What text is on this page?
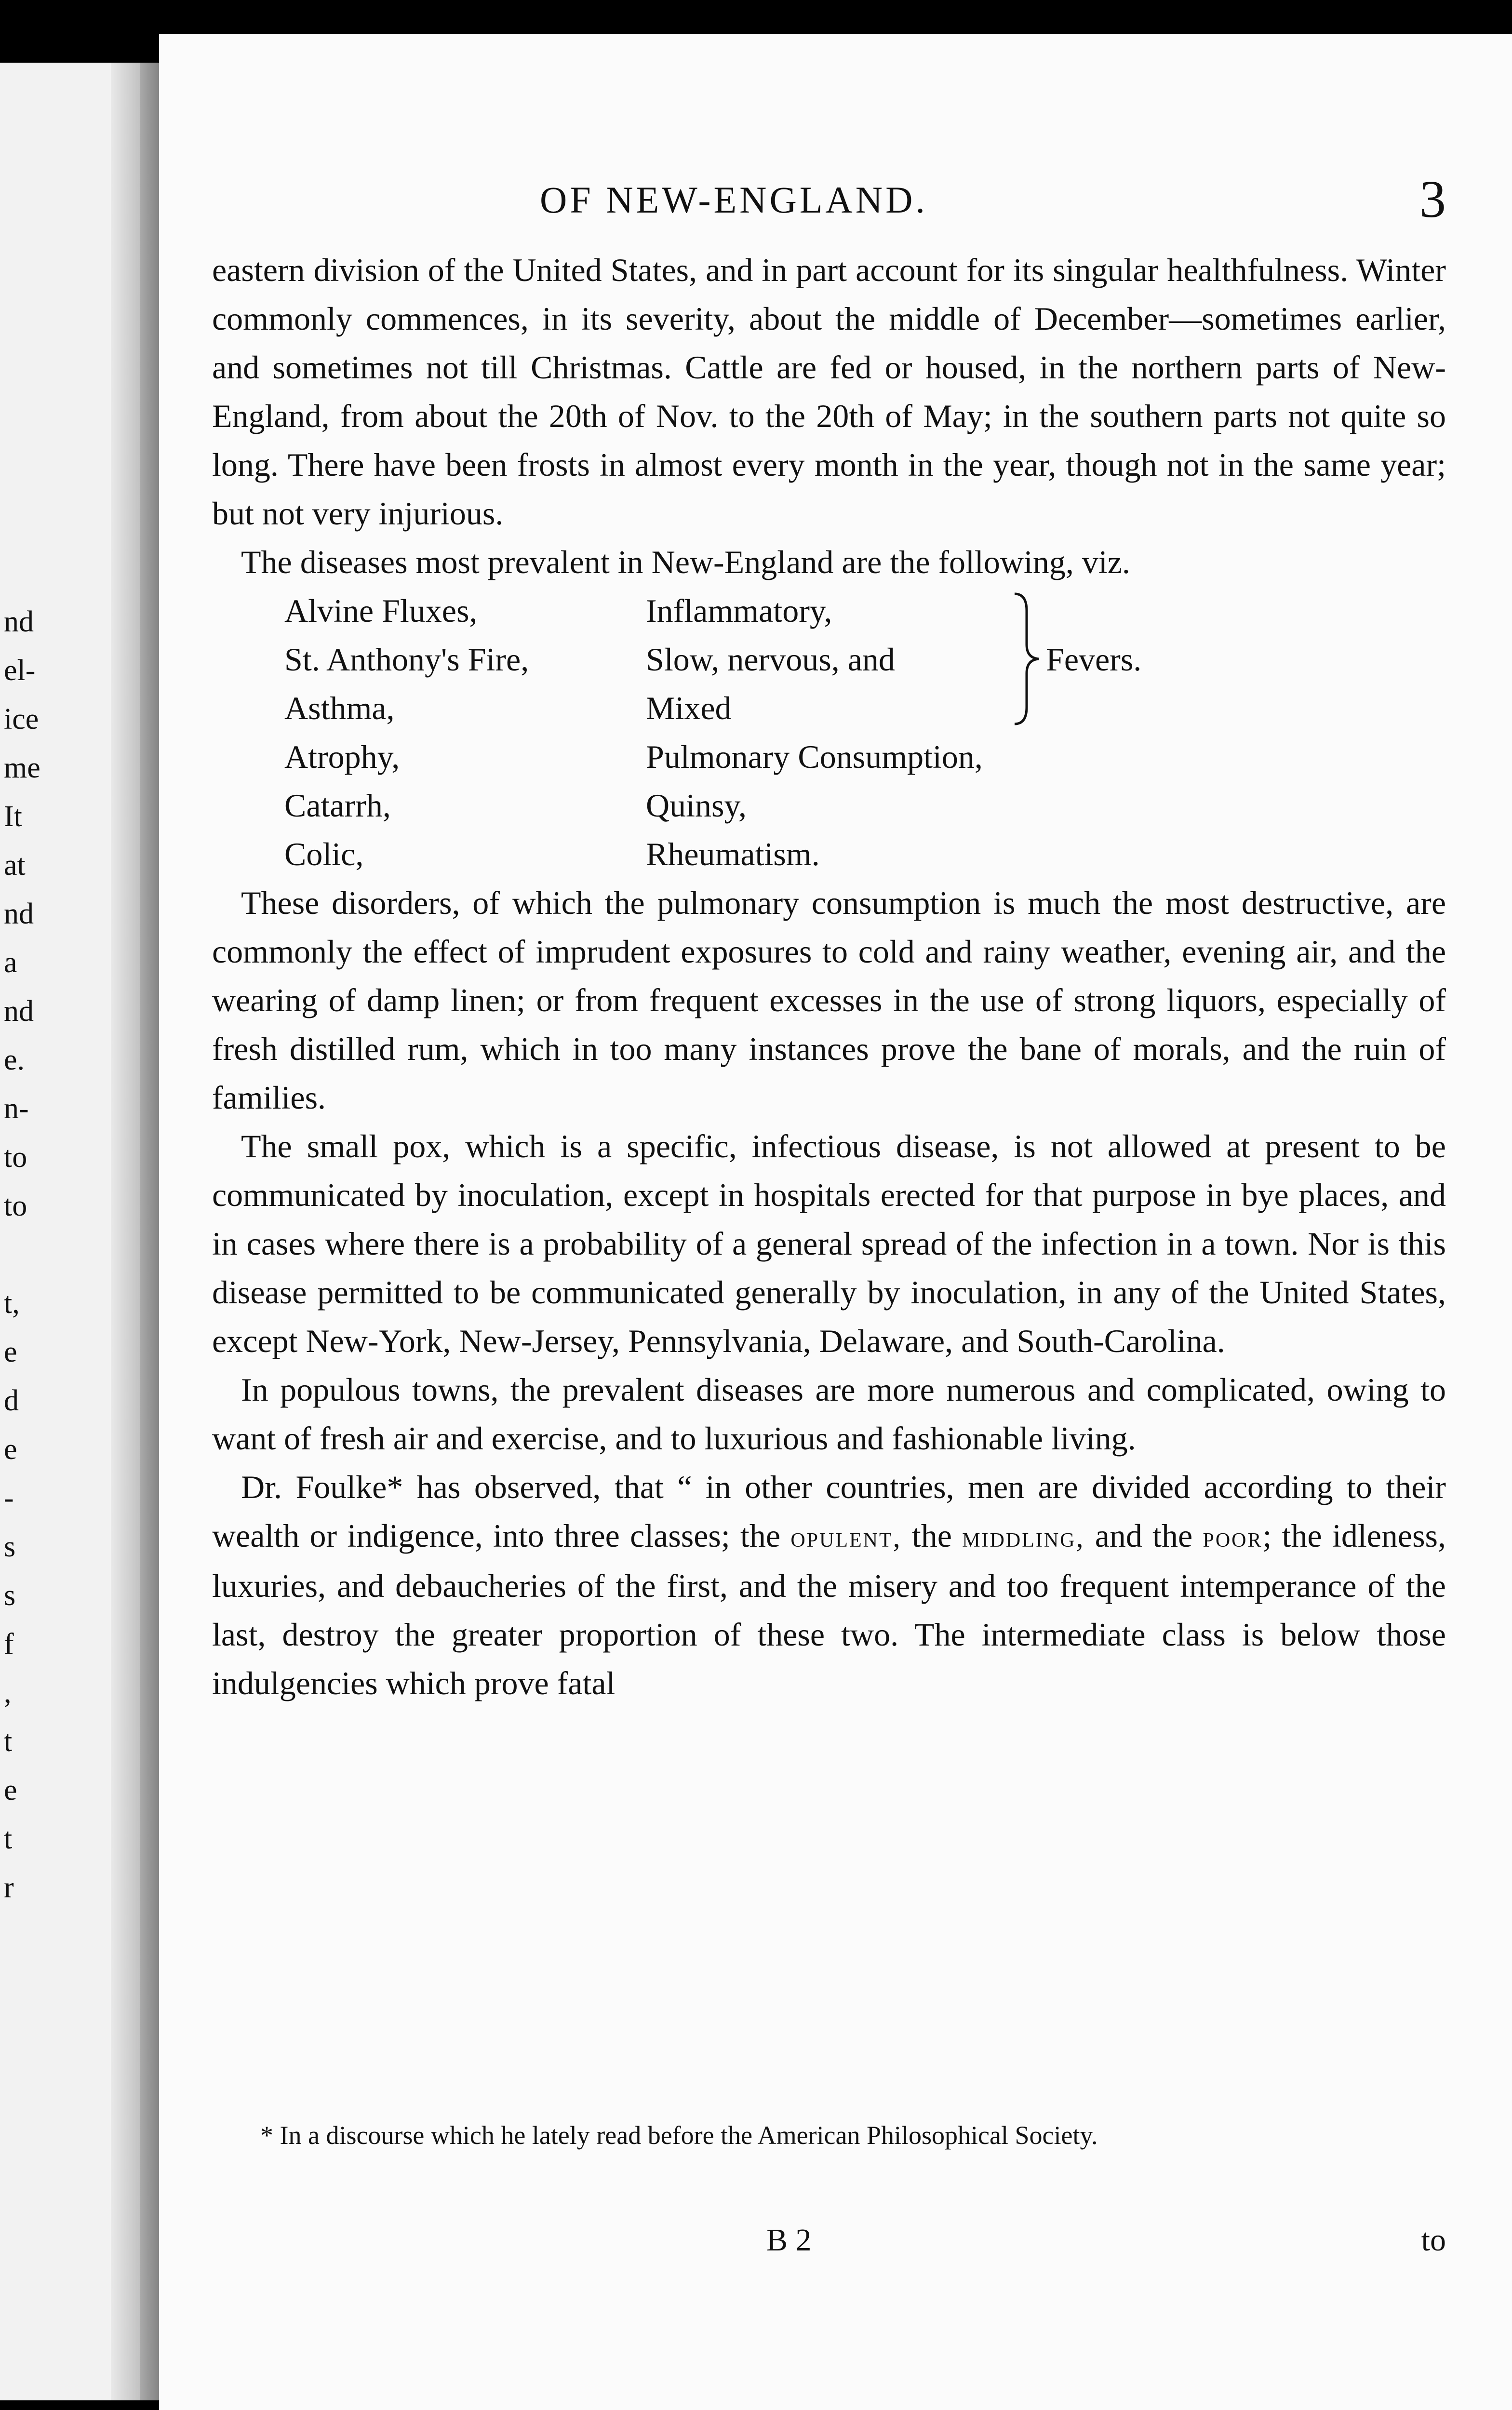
nd
el-
ice
me
It
at
nd
a
nd
e.
n-
to
to
t,
e
d
e
-
s
s
f
,
t
e
t
r
OF NEW-ENGLAND.	3

eastern division of the United States, and in part account for its singular healthfulness. Winter commonly commences, in its severity, about the middle of December—sometimes earlier, and sometimes not till Christmas. Cattle are fed or housed, in the northern parts of New-England, from about the 20th of Nov. to the 20th of May; in the southern parts not quite so long. There have been frosts in almost every month in the year, though not in the same year; but not very injurious.

The diseases most prevalent in New-England are the following, viz.

Alvine Fluxes,
St. Anthony's Fire,
Asthma,
Atrophy,
Catarrh,
Colic,
Inflammatory,
Slow, nervous, and
Mixed
Pulmonary Consumption,
Quinsy,
Rheumatism.
Fevers.

These disorders, of which the pulmonary consumption is much the most destructive, are commonly the effect of imprudent exposures to cold and rainy weather, evening air, and the wearing of damp linen; or from frequent excesses in the use of strong liquors, especially of fresh distilled rum, which in too many instances prove the bane of morals, and the ruin of families.

The small pox, which is a specific, infectious disease, is not allowed at present to be communicated by inoculation, except in hospitals erected for that purpose in bye places, and in cases where there is a probability of a general spread of the infection in a town. Nor is this disease permitted to be communicated generally by inoculation, in any of the United States, except New-York, New-Jersey, Pennsylvania, Delaware, and South-Carolina.

In populous towns, the prevalent diseases are more numerous and complicated, owing to want of fresh air and exercise, and to luxurious and fashionable living.

Dr. Foulke* has observed, that “ in other countries, men are divided according to their wealth or indigence, into three classes; the opulent, the middling, and the poor; the idleness, luxuries, and debaucheries of the first, and the misery and too frequent intemperance of the last, destroy the greater proportion of these two. The intermediate class is below those indulgencies which prove fatal

* In a discourse which he lately read before the American Philosophical Society.
B 2	to
